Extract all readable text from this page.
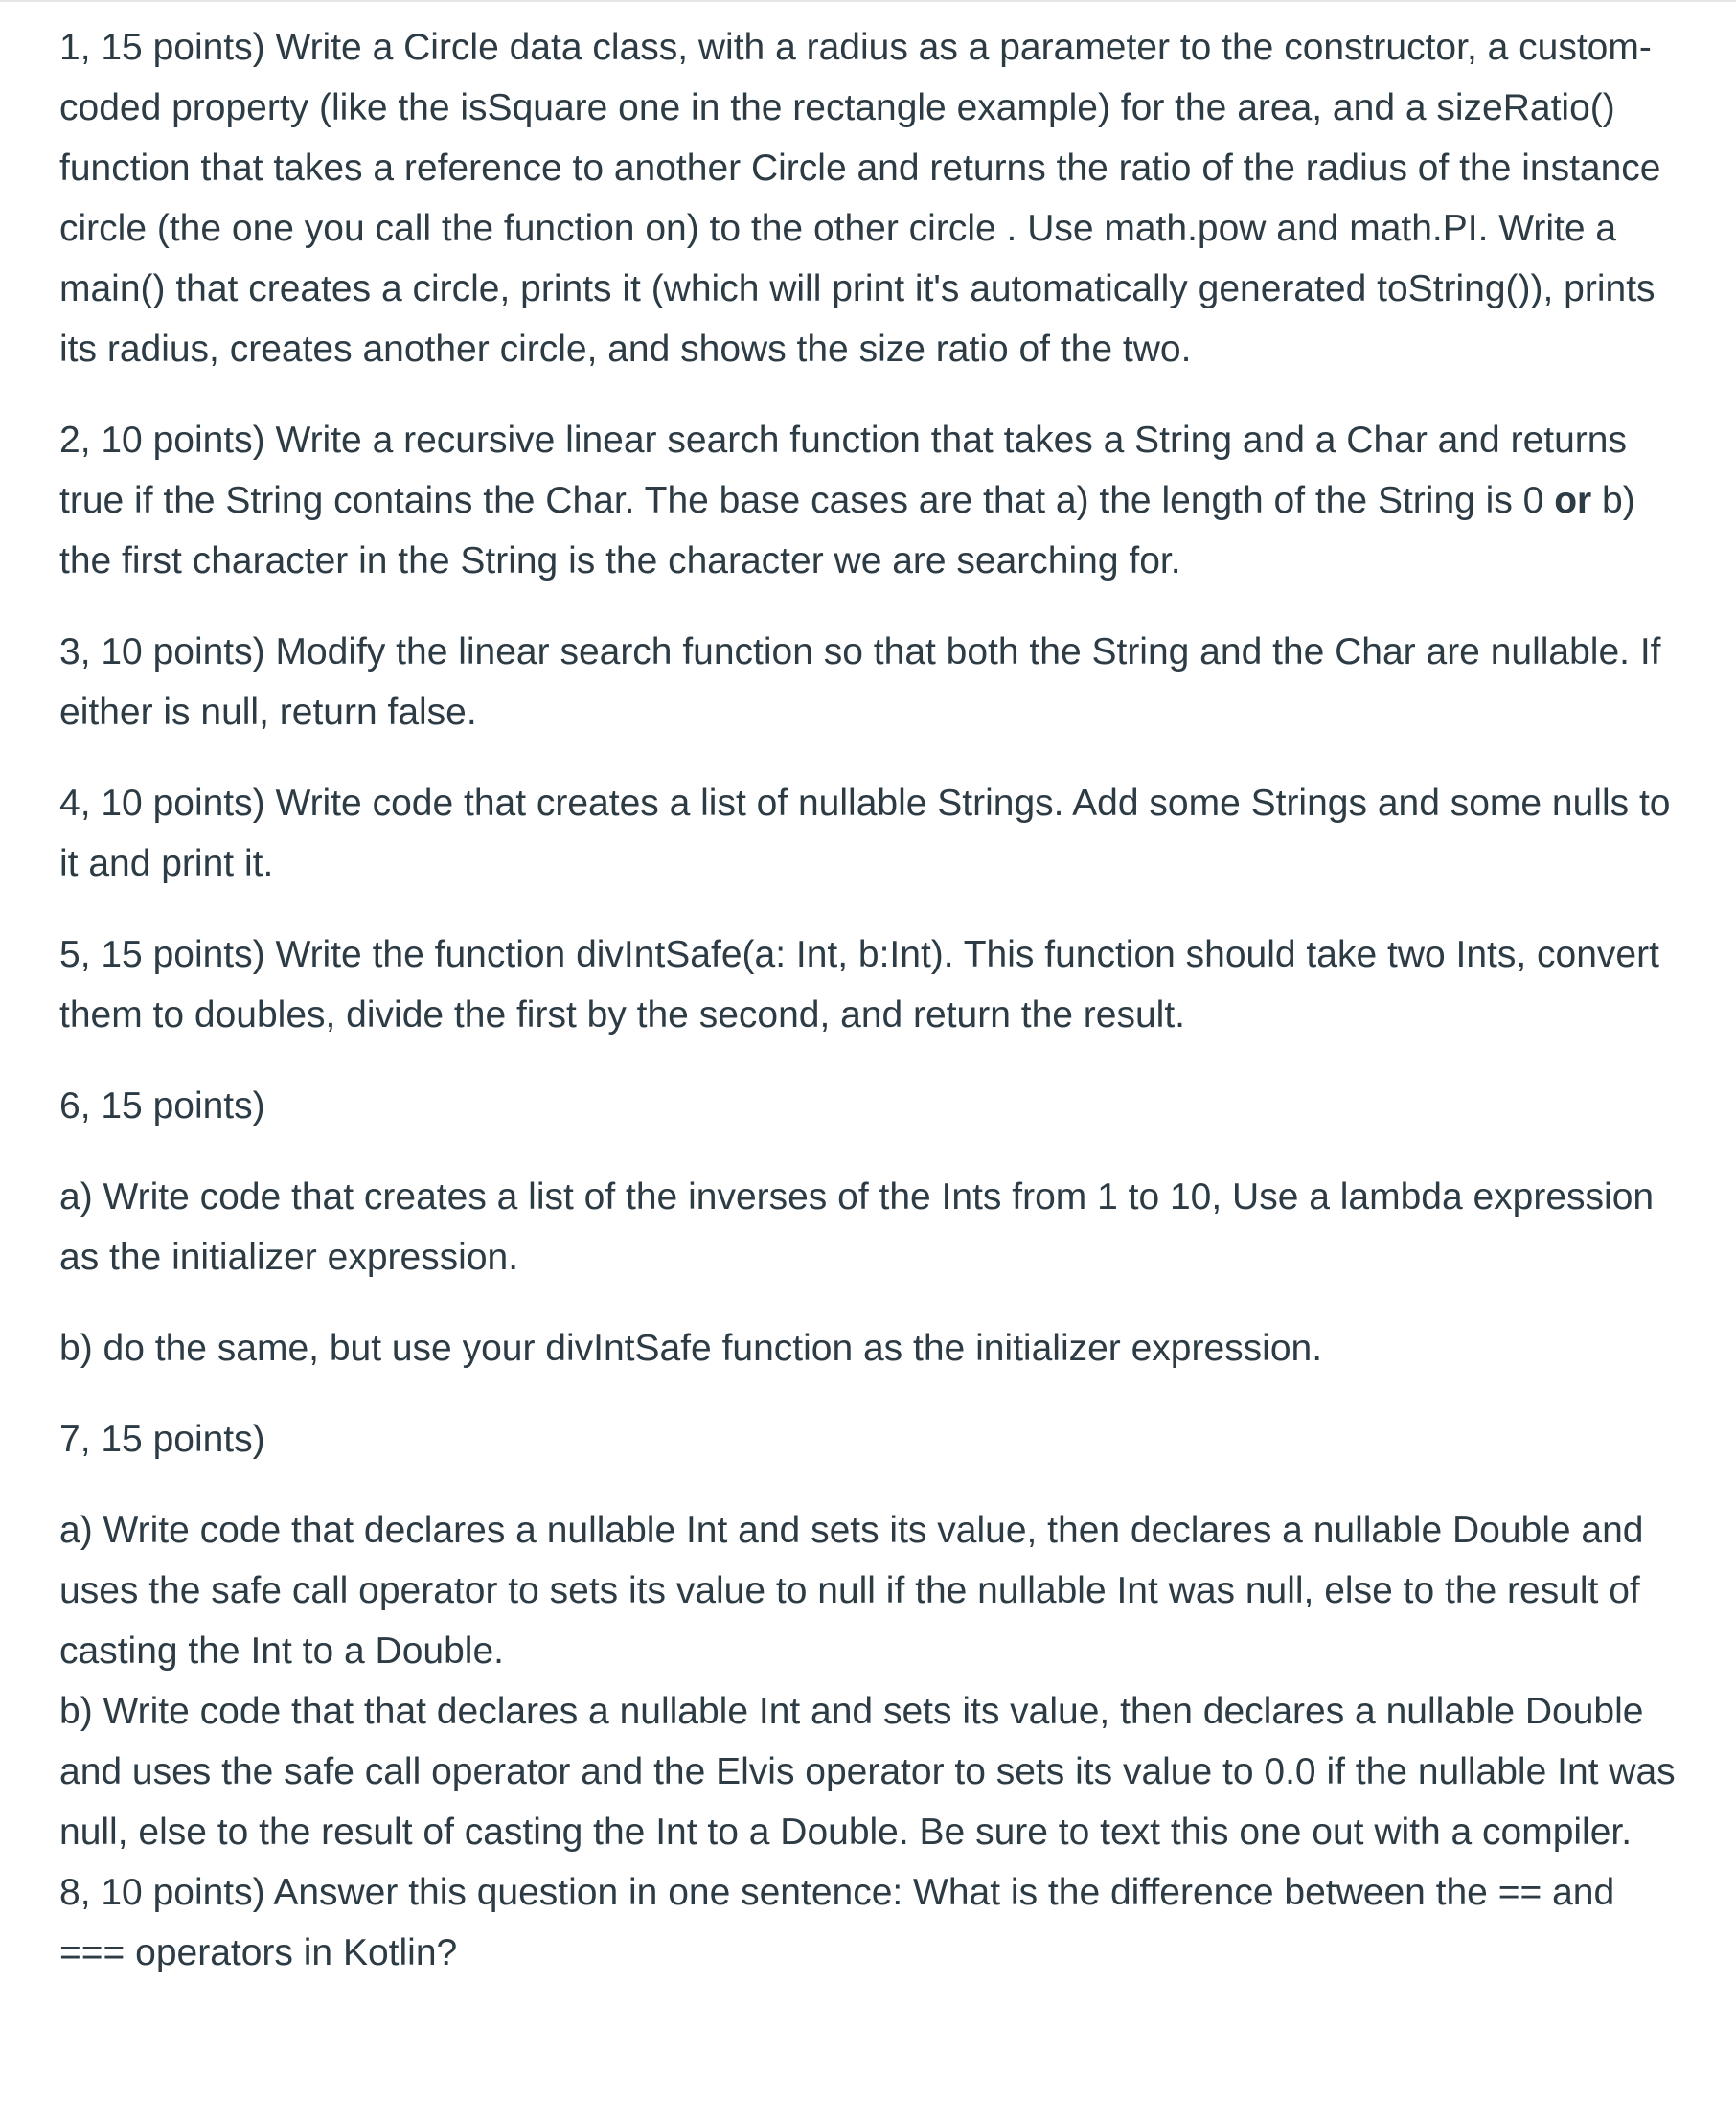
1, 15 points) Write a Circle data class, with a radius as a parameter to the constructor, a custom-coded property (like the isSquare one in the rectangle example) for the area, and a sizeRatio() function that takes a reference to another Circle and returns the ratio of the radius of the instance circle (the one you call the function on) to the other circle . Use math.pow and math.PI. Write a main() that creates a circle, prints it (which will print it's automatically generated toString()), prints its radius, creates another circle, and shows the size ratio of the two.

2, 10 points) Write a recursive linear search function that takes a String and a Char and returns true if the String contains the Char. The base cases are that a) the length of the String is 0 or b) the first character in the String is the character we are searching for.

3, 10 points) Modify the linear search function so that both the String and the Char are nullable. If either is null, return false.

4, 10 points) Write code that creates a list of nullable Strings. Add some Strings and some nulls to it and print it.

5, 15 points) Write the function divIntSafe(a: Int, b:Int). This function should take two Ints, convert them to doubles, divide the first by the second, and return the result.

6, 15 points)

a) Write code that creates a list of the inverses of the Ints from 1 to 10, Use a lambda expression as the initializer expression.

b) do the same, but use your divIntSafe function as the initializer expression.

7, 15 points)

a) Write code that declares a nullable Int and sets its value, then declares a nullable Double and uses the safe call operator to sets its value to null if the nullable Int was null, else to the result of casting the Int to a Double.

b) Write code that that declares a nullable Int and sets its value, then declares a nullable Double and uses the safe call operator and the Elvis operator to sets its value to 0.0 if the nullable Int was null, else to the result of casting the Int to a Double. Be sure to text this one out with a compiler.

8, 10 points) Answer this question in one sentence: What is the difference between the == and === operators in Kotlin?
